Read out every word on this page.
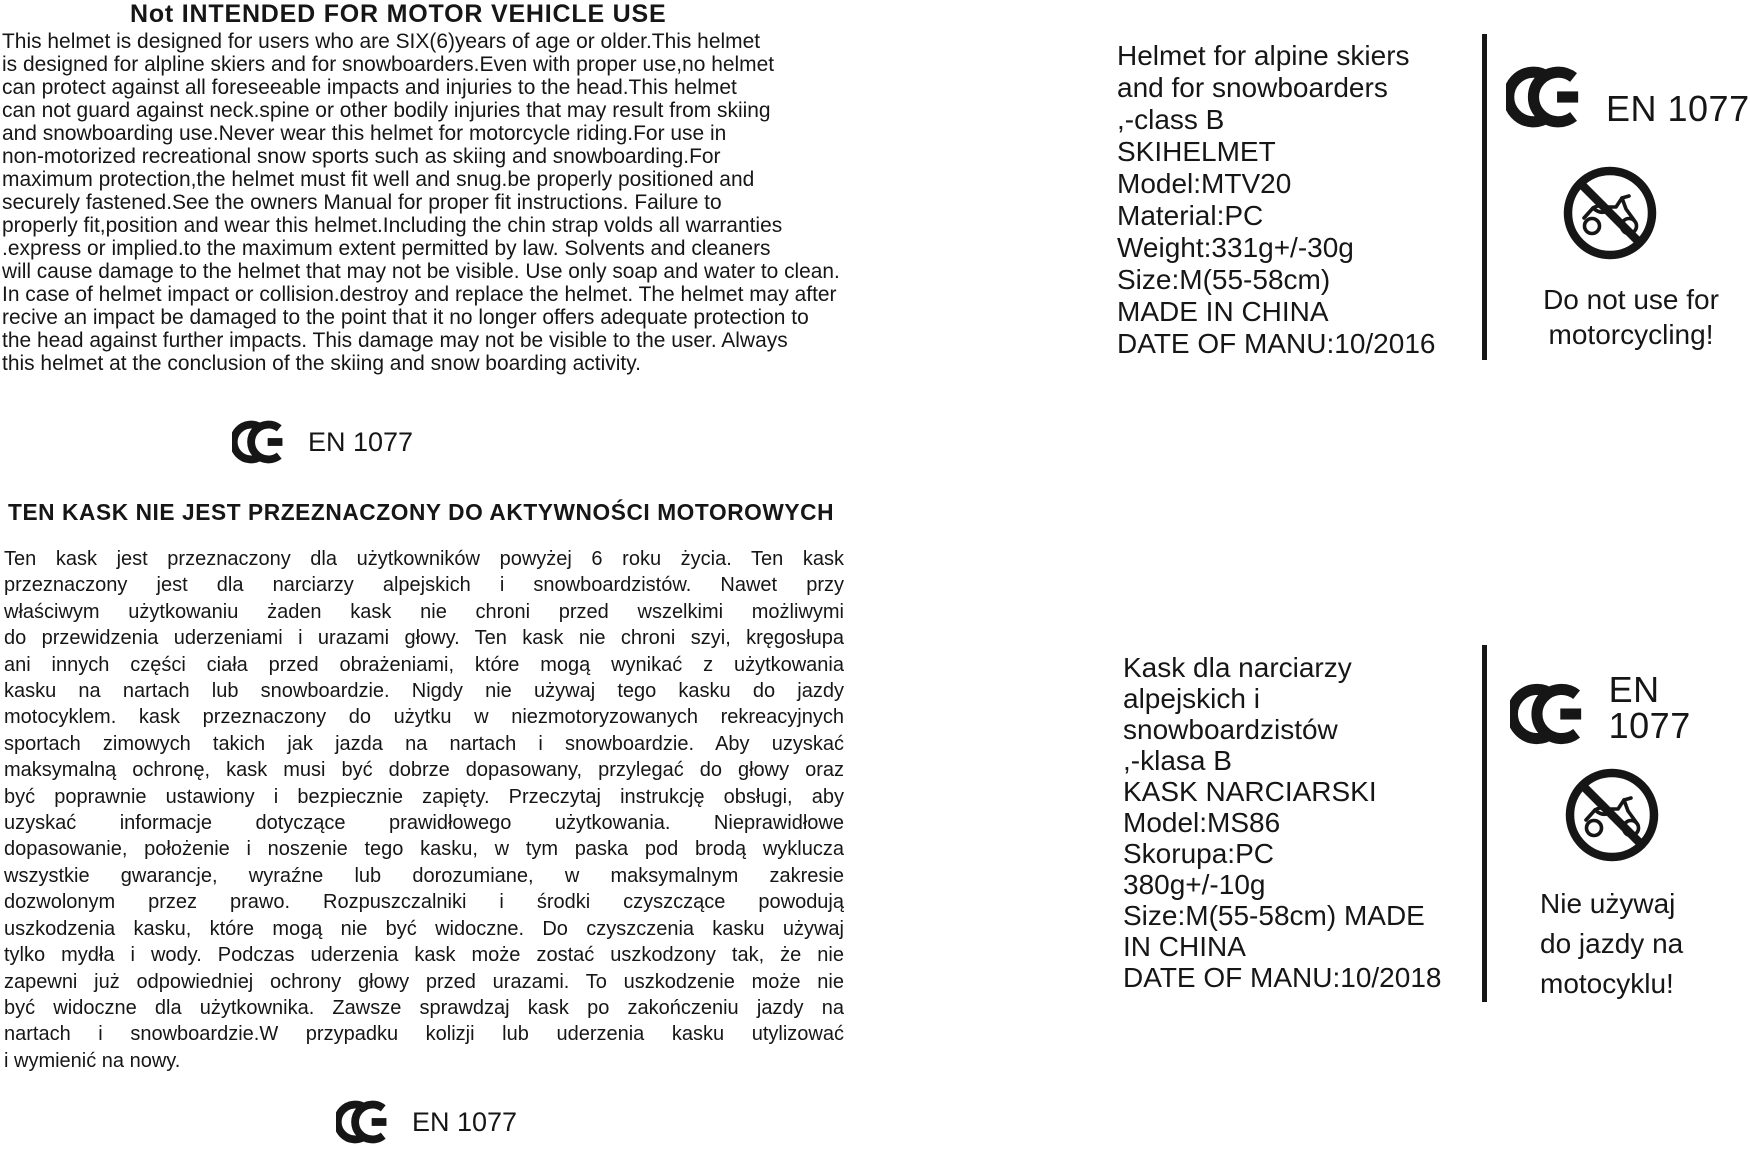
Not INTENDED FOR MOTOR VEHICLE USE
This helmet is designed for users who are SIX(6)years of age or older.This helmet
is designed for alpline skiers and for snowboarders.Even with proper use,no helmet
can protect against all foreseeable impacts and injuries to the head.This helmet
can not guard against neck.spine or other bodily injuries that may result from skiing
and snowboarding use.Never wear this helmet for motorcycle riding.For use in
non-motorized recreational snow sports such as skiing and snowboarding.For
maximum protection,the helmet must fit well and snug.be properly positioned and
securely fastened.See the owners Manual for proper fit instructions. Failure to
properly fit,position and wear this helmet.Including the chin strap volds all warranties
.express or implied.to the maximum extent permitted by law. Solvents and cleaners
will cause damage to the helmet that may not be visible. Use only soap and water to clean.
In case of helmet impact or collision.destroy and replace the helmet. The helmet may after
recive an impact be damaged to the point that it no longer offers adequate protection to
the head against further impacts. This damage may not be visible to the user. Always
this helmet at the conclusion of the skiing and snow boarding activity.
EN 1077
TEN KASK NIE JEST PRZEZNACZONY DO AKTYWNOŚCI MOTOROWYCH
Ten kask jest przeznaczony dla użytkowników powyżej 6 roku życia. Ten kask
przeznaczony jest dla narciarzy alpejskich i snowboardzistów. Nawet przy
właściwym użytkowaniu żaden kask nie chroni przed wszelkimi możliwymi
do przewidzenia uderzeniami i urazami głowy. Ten kask nie chroni szyi, kręgosłupa
ani innych części ciała przed obrażeniami, które mogą wynikać z użytkowania
kasku na nartach lub snowboardzie. Nigdy nie używaj tego kasku do jazdy
motocyklem. kask przeznaczony do użytku w niezmotoryzowanych rekreacyjnych
sportach zimowych takich jak jazda na nartach i snowboardzie. Aby uzyskać
maksymalną ochronę, kask musi być dobrze dopasowany, przylegać do głowy oraz
być poprawnie ustawiony i bezpiecznie zapięty. Przeczytaj instrukcję obsługi, aby
uzyskać informacje dotyczące prawidłowego użytkowania. Nieprawidłowe
dopasowanie, położenie i noszenie tego kasku, w tym paska pod brodą wyklucza
wszystkie gwarancje, wyraźne lub dorozumiane, w maksymalnym zakresie
dozwolonym przez prawo. Rozpuszczalniki i środki czyszczące powodują
uszkodzenia kasku, które mogą nie być widoczne. Do czyszczenia kasku używaj
tylko mydła i wody. Podczas uderzenia kask może zostać uszkodzony tak, że nie
zapewni już odpowiedniej ochrony głowy przed urazami. To uszkodzenie może nie
być widoczne dla użytkownika. Zawsze sprawdzaj kask po zakończeniu jazdy na
nartach i snowboardzie.W przypadku kolizji lub uderzenia kasku utylizować
i wymienić na nowy.
EN 1077
Helmet for alpine skiers
and for snowboarders
,-class B
SKIHELMET
Model:MTV20
Material:PC
Weight:331g+/-30g
Size:M(55-58cm)
MADE IN CHINA
DATE OF MANU:10/2016
EN 1077
Do not use for
motorcycling!
Kask dla narciarzy
alpejskich i
snowboardzistów
,-klasa B
KASK NARCIARSKI
Model:MS86
Skorupa:PC
380g+/-10g
Size:M(55-58cm) MADE
IN CHINA
DATE OF MANU:10/2018
EN 1077
Nie używaj
do jazdy na
motocyklu!
